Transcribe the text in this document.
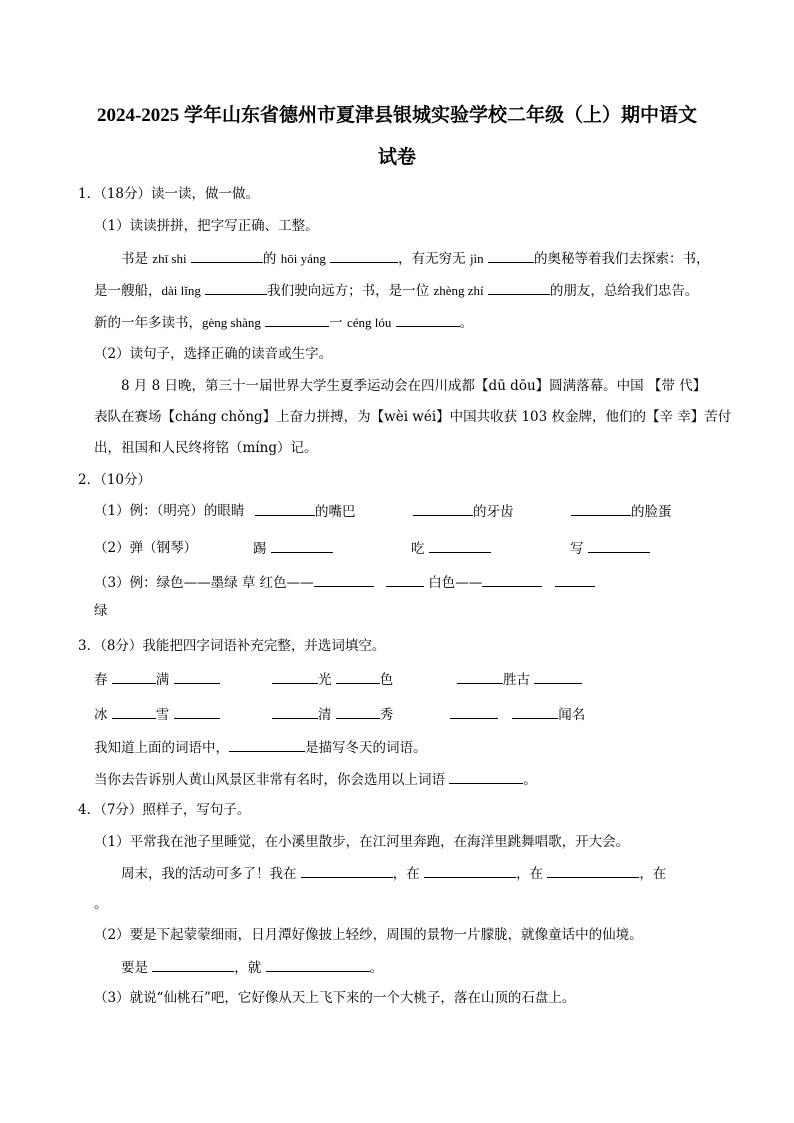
2024-2025 学年山东省德州市夏津县银城实验学校二年级（上）期中语文
试卷
1．（18分）读一读，做一做。
（1）读读拼拼，把字写正确、工整。
书是 zhī shi	的 hōi yáng	，有无穷无 jìn	的奥秘等着我们去探索：书，
是一艘船，dài lǐng	我们驶向远方；书，是一位 zhèng zhí	的朋友，总给我们忠告。
新的一年多读书，gèng shàng	一 céng lóu	。
（2）读句子，选择正确的读音或生字。
8 月 8 日晚，第三十一届世界大学生夏季运动会在四川成都【dū dōu】圆满落幕。中国 【带 代】
表队在赛场【cháng chǒng】上奋力拼搏，为【wèi wéi】中国共收获 103 枚金牌，他们的【辛 幸】苦付
出，祖国和人民终将铭（míng）记。
2．（10分）
（1）例：（明亮）的眼睛	的嘴巴	的牙齿	的脸蛋
（2）弹（钢琴）	踢	吃	写
（3）例：绿色——墨绿 草 红色——	白色——
绿
3．（8分）我能把四字词语补充完整，并选词填空。
春	满	光	色	胜古
冰	雪	清	秀	闻名
我知道上面的词语中，	是描写冬天的词语。
当你去告诉别人黄山风景区非常有名时，你会选用以上词语	。
4．（7分）照样子，写句子。
（1）平常我在池子里睡觉，在小溪里散步，在江河里奔跑，在海洋里跳舞唱歌，开大会。
周末，我的活动可多了！我在	，在	，在	，在
。
（2）要是下起蒙蒙细雨，日月潭好像披上轻纱，周围的景物一片朦胧，就像童话中的仙境。
要是	，就	。
（3）就说“仙桃石”吧，它好像从天上飞下来的一个大桃子，落在山顶的石盘上。
